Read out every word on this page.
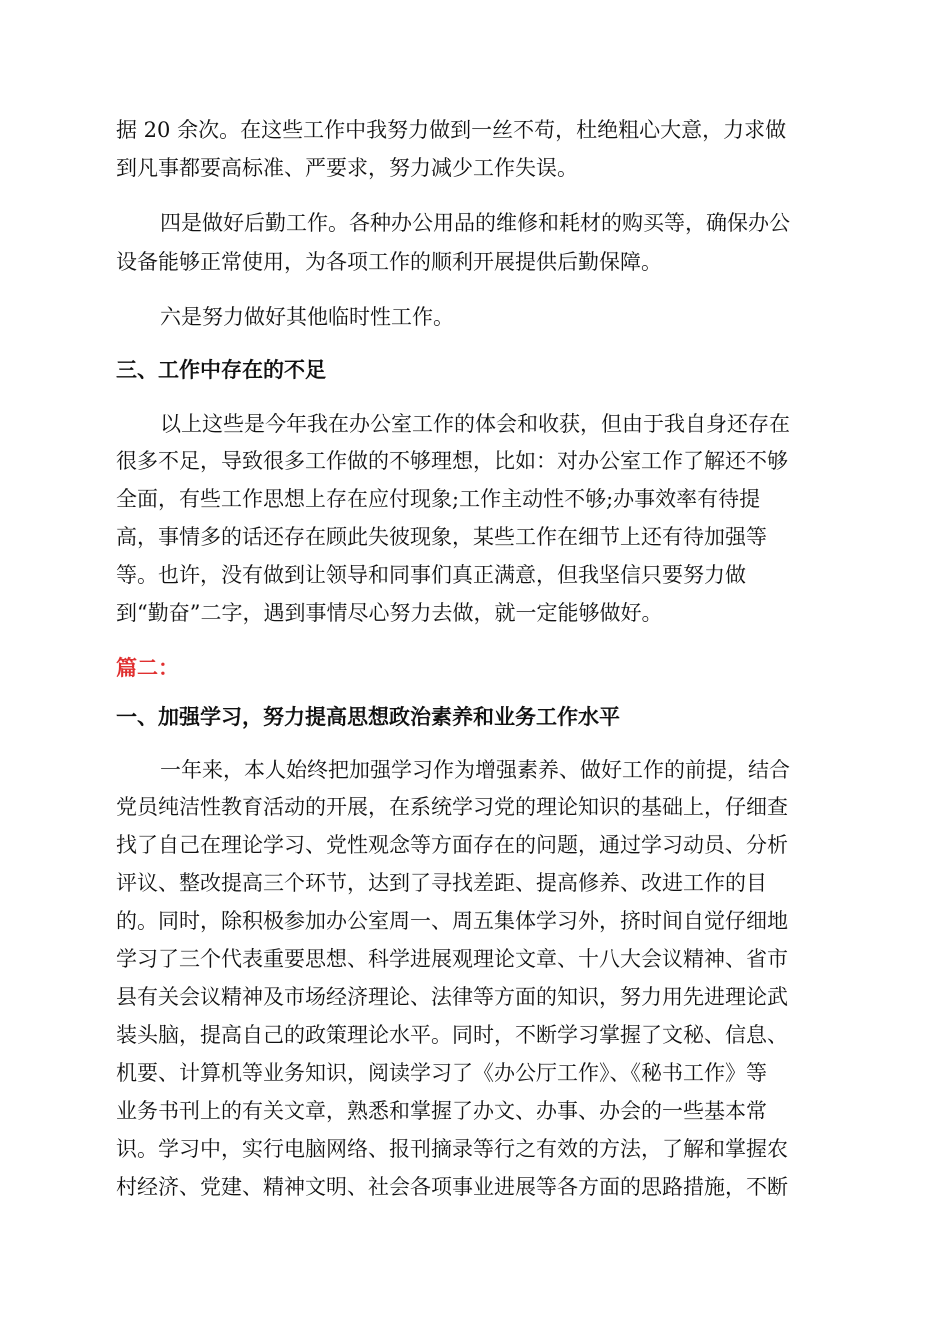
据 20 余次。在这些工作中我努力做到一丝不苟，杜绝粗心大意，力求做
到凡事都要高标准、严要求，努力减少工作失误。
四是做好后勤工作。各种办公用品的维修和耗材的购买等，确保办公
设备能够正常使用，为各项工作的顺利开展提供后勤保障。
六是努力做好其他临时性工作。
三、工作中存在的不足
以上这些是今年我在办公室工作的体会和收获，但由于我自身还存在
很多不足，导致很多工作做的不够理想，比如：对办公室工作了解还不够
全面，有些工作思想上存在应付现象;工作主动性不够;办事效率有待提
高，事情多的话还存在顾此失彼现象，某些工作在细节上还有待加强等
等。也许，没有做到让领导和同事们真正满意，但我坚信只要努力做
到“勤奋”二字，遇到事情尽心努力去做，就一定能够做好。
篇二：
一、加强学习，努力提高思想政治素养和业务工作水平
一年来，本人始终把加强学习作为增强素养、做好工作的前提，结合
党员纯洁性教育活动的开展，在系统学习党的理论知识的基础上，仔细查
找了自己在理论学习、党性观念等方面存在的问题，通过学习动员、分析
评议、整改提高三个环节，达到了寻找差距、提高修养、改进工作的目
的。同时，除积极参加办公室周一、周五集体学习外，挤时间自觉仔细地
学习了三个代表重要思想、科学进展观理论文章、十八大会议精神、省市
县有关会议精神及市场经济理论、法律等方面的知识，努力用先进理论武
装头脑，提高自己的政策理论水平。同时，不断学习掌握了文秘、信息、
机要、计算机等业务知识，阅读学习了《办公厅工作》、《秘书工作》等
业务书刊上的有关文章，熟悉和掌握了办文、办事、办会的一些基本常
识。学习中，实行电脑网络、报刊摘录等行之有效的方法，了解和掌握农
村经济、党建、精神文明、社会各项事业进展等各方面的思路措施，不断
